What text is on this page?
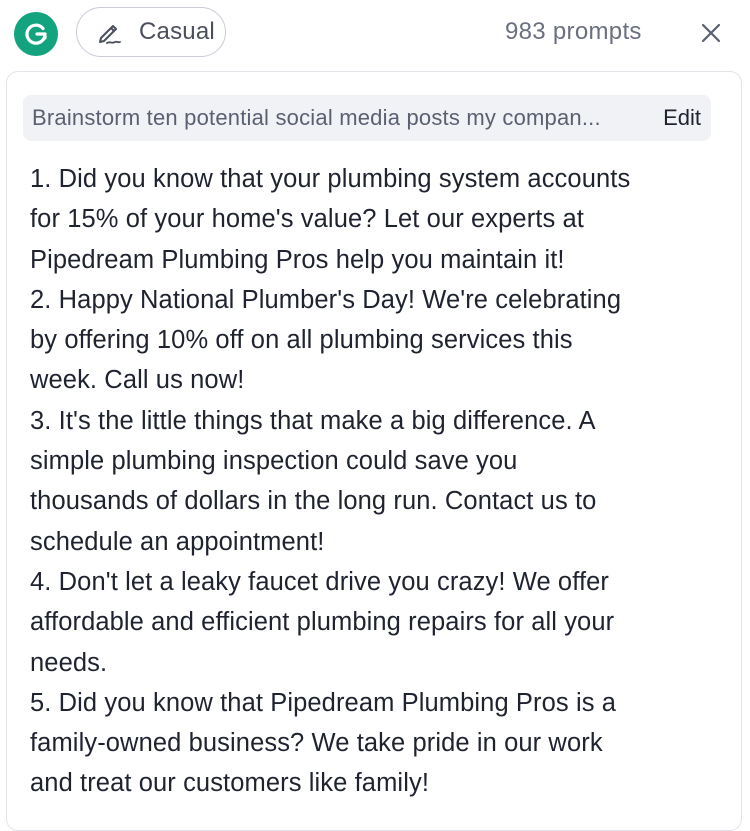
Casual	983 prompts
Brainstorm ten potential social media posts my compan...	Edit
1. Did you know that your plumbing system accounts
for 15% of your home's value? Let our experts at
Pipedream Plumbing Pros help you maintain it!
2. Happy National Plumber's Day! We're celebrating
by offering 10% off on all plumbing services this
week. Call us now!
3. It's the little things that make a big difference. A
simple plumbing inspection could save you
thousands of dollars in the long run. Contact us to
schedule an appointment!
4. Don't let a leaky faucet drive you crazy! We offer
affordable and efficient plumbing repairs for all your
needs.
5. Did you know that Pipedream Plumbing Pros is a
family-owned business? We take pride in our work
and treat our customers like family!
